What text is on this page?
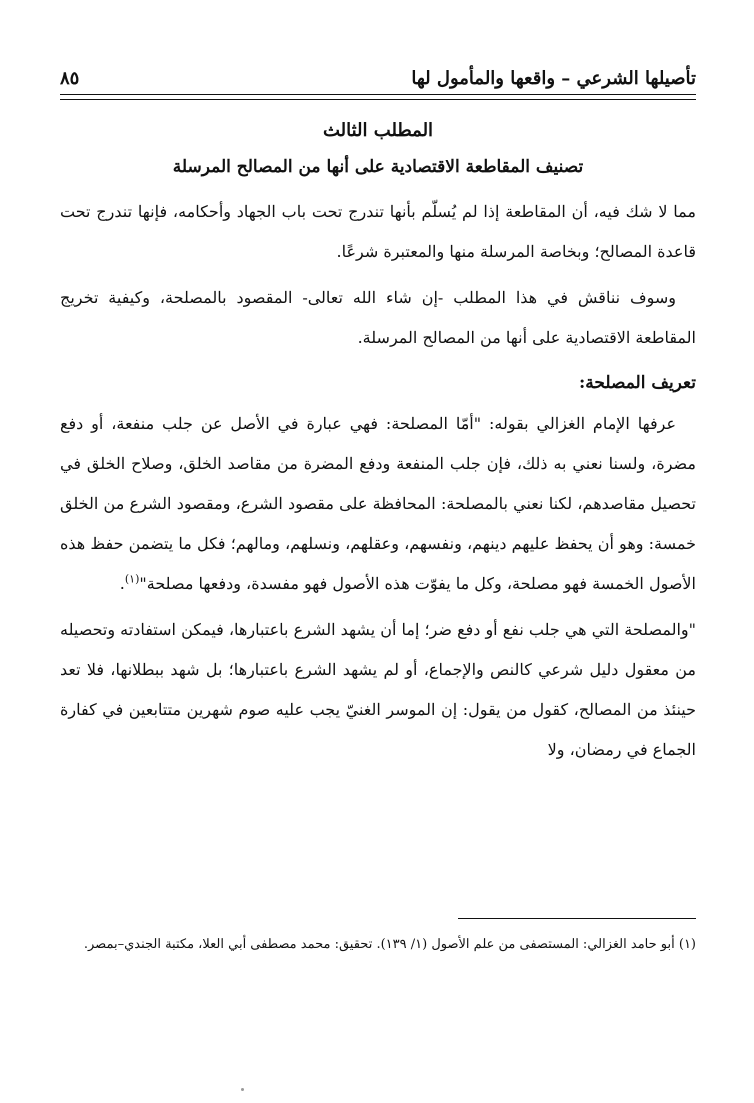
تأصيلها الشرعي – واقعها والمأمول لها
٨٥
المطلب الثالث
تصنيف المقاطعة الاقتصادية على أنها من المصالح المرسلة

مما لا شك فيه، أن المقاطعة إذا لم يُسلّم بأنها تندرج تحت باب الجهاد وأحكامه، فإنها تندرج تحت قاعدة المصالح؛ وبخاصة المرسلة منها والمعتبرة شرعًا.

وسوف نناقش في هذا المطلب -إن شاء الله تعالى- المقصود بالمصلحة، وكيفية تخريج المقاطعة الاقتصادية على أنها من المصالح المرسلة.

تعريف المصلحة:

عرفها الإمام الغزالي بقوله: "أمّا المصلحة: فهي عبارة في الأصل عن جلب منفعة، أو دفع مضرة، ولسنا نعني به ذلك، فإن جلب المنفعة ودفع المضرة من مقاصد الخلق، وصلاح الخلق في تحصيل مقاصدهم، لكنا نعني بالمصلحة: المحافظة على مقصود الشرع، ومقصود الشرع من الخلق خمسة: وهو أن يحفظ عليهم دينهم، ونفسهم، وعقلهم، ونسلهم، ومالهم؛ فكل ما يتضمن حفظ هذه الأصول الخمسة فهو مصلحة، وكل ما يفوّت هذه الأصول فهو مفسدة، ودفعها مصلحة"$^{(١)}$.

"والمصلحة التي هي جلب نفع أو دفع ضر؛ إما أن يشهد الشرع باعتبارها، فيمكن استفادته وتحصيله من معقول دليل شرعي كالنص والإجماع، أو لم يشهد الشرع باعتبارها؛ بل شهد ببطلانها، فلا تعد حينئذ من المصالح، كقول من يقول: إن الموسر الغنيّ يجب عليه صوم شهرين متتابعين في كفارة الجماع في رمضان، ولا

(١) أبو حامد الغزالي: المستصفى من علم الأصول (١/ ١٣٩). تحقيق: محمد مصطفى أبي العلا، مكتبة الجندي–بمصر.
